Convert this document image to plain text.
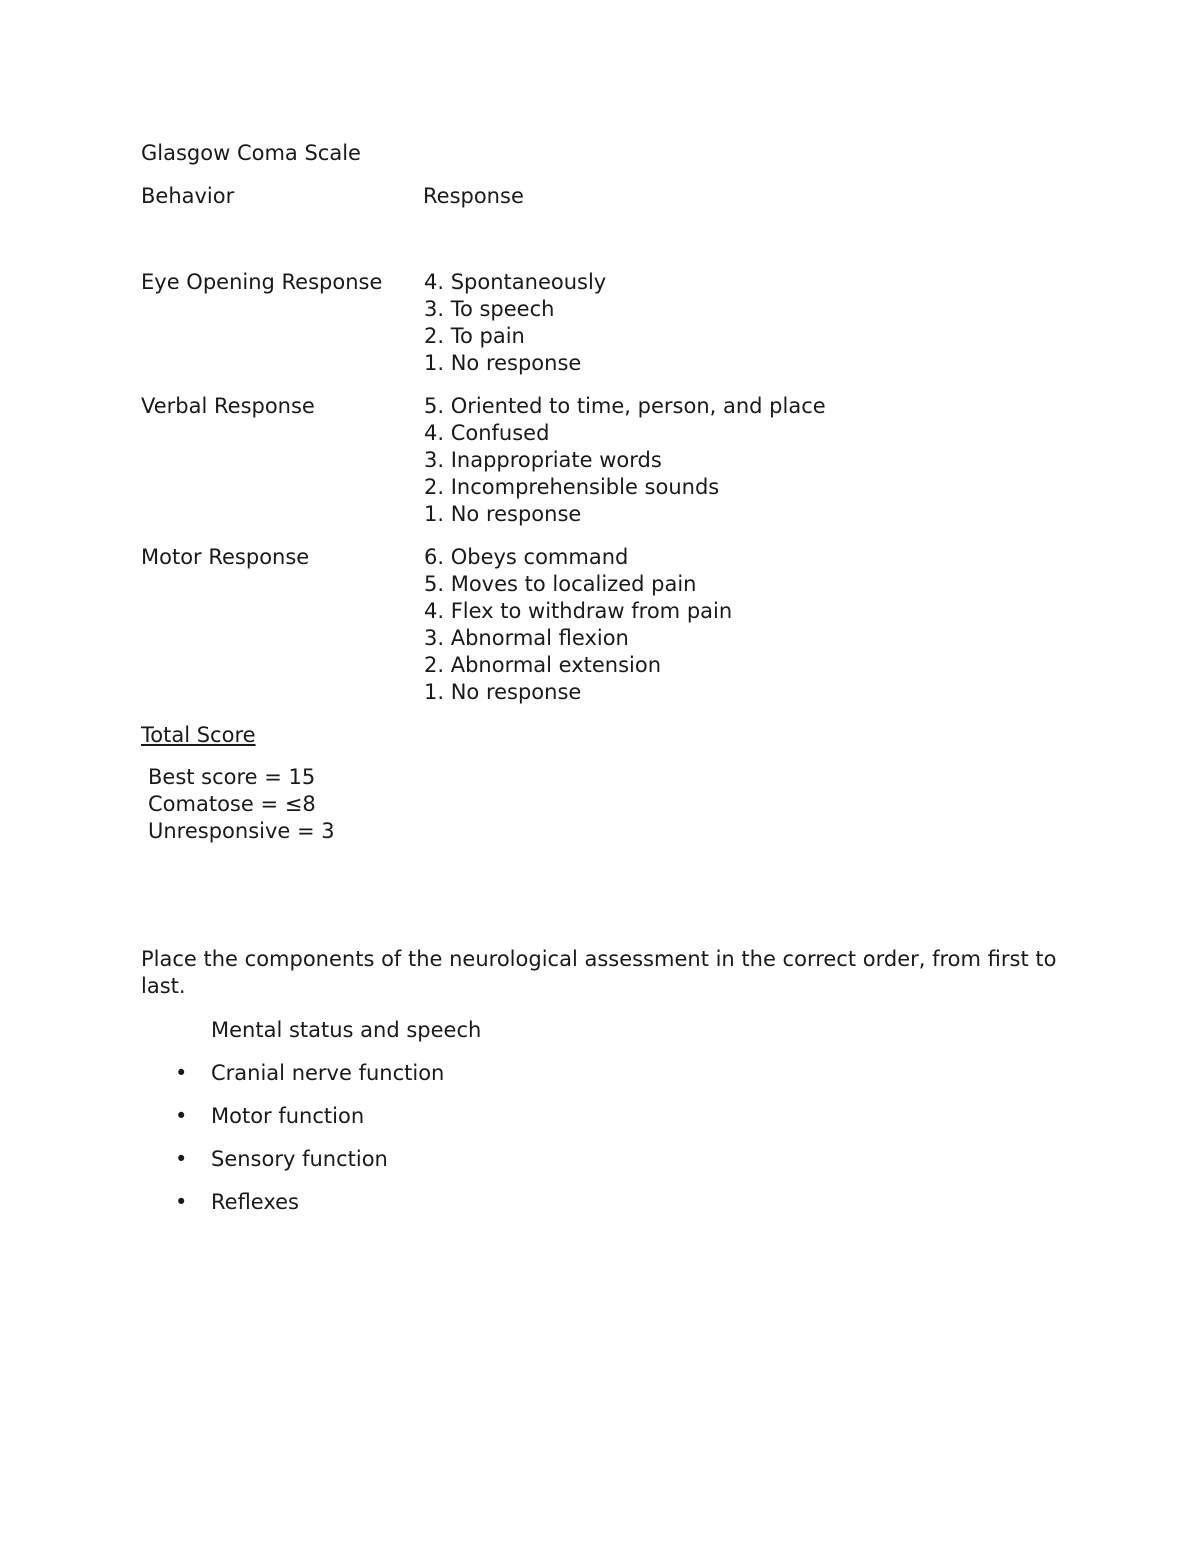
Glasgow Coma Scale
Behavior	Response
Eye Opening Response 4. Spontaneously
3. To speech
2. To pain
1. No response
Verbal Response	5. Oriented to time, person, and place
4. Confused
3. Inappropriate words
2. Incomprehensible sounds
1. No response
Motor Response	6. Obeys command
5. Moves to localized pain
4. Flex to withdraw from pain
3. Abnormal flexion
2. Abnormal extension
1. No response
Total Score
Best score = 15
Comatose = ≤8
Unresponsive = 3
Place the components of the neurological assessment in the correct order, from first to last.
Mental status and speech
• Cranial nerve function
• Motor function
• Sensory function
• Reflexes
